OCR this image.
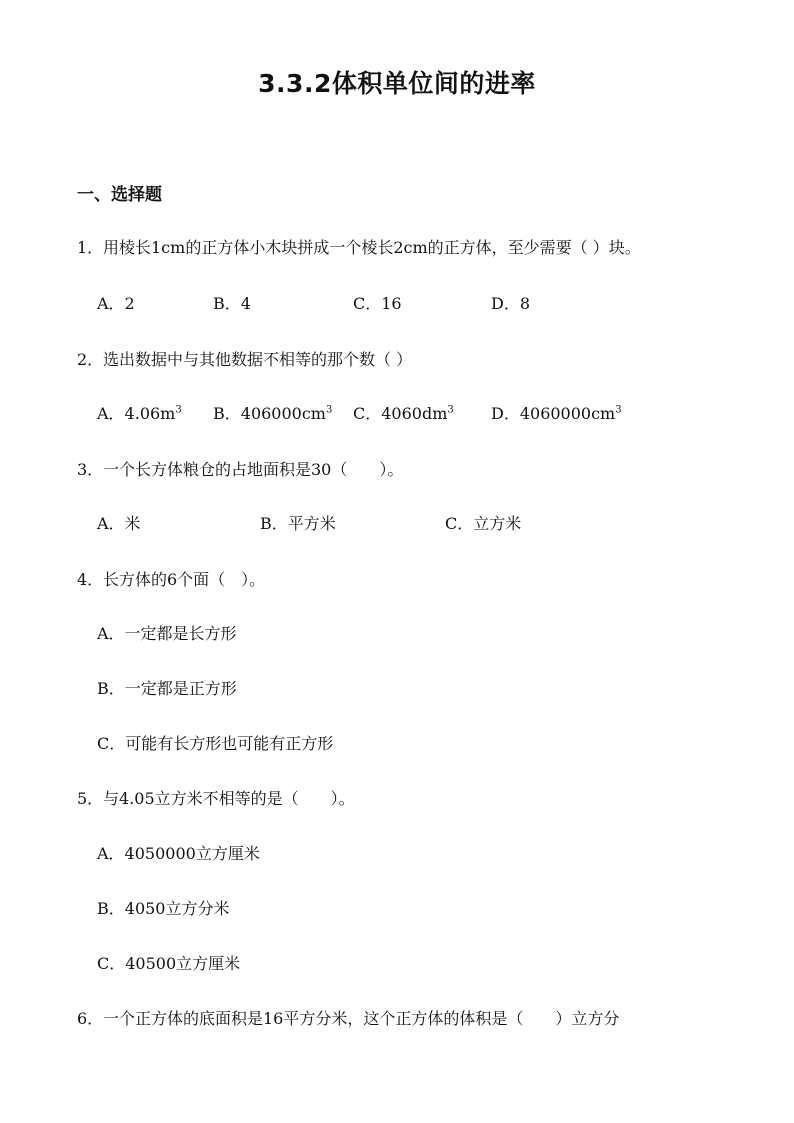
3.3.2体积单位间的进率
一、选择题
1．用棱长1cm的正方体小木块拼成一个棱长2cm的正方体，至少需要（ ）块。
A．2	B．4	C．16	D．8
2．选出数据中与其他数据不相等的那个数（ ）
A．$4.06m^3$ B．$406000cm^3$ C．$4060dm^3$ D．$4060000cm^3$
3．一个长方体粮仓的占地面积是30（　　）。
A．米	B．平方米	C．立方米
4．长方体的6个面（　）。
A．一定都是长方形
B．一定都是正方形
C．可能有长方形也可能有正方形
5．与4.05立方米不相等的是（　　）。
A．4050000立方厘米
B．4050立方分米
C．40500立方厘米
6．一个正方体的底面积是16平方分米，这个正方体的体积是（　　）立方分
